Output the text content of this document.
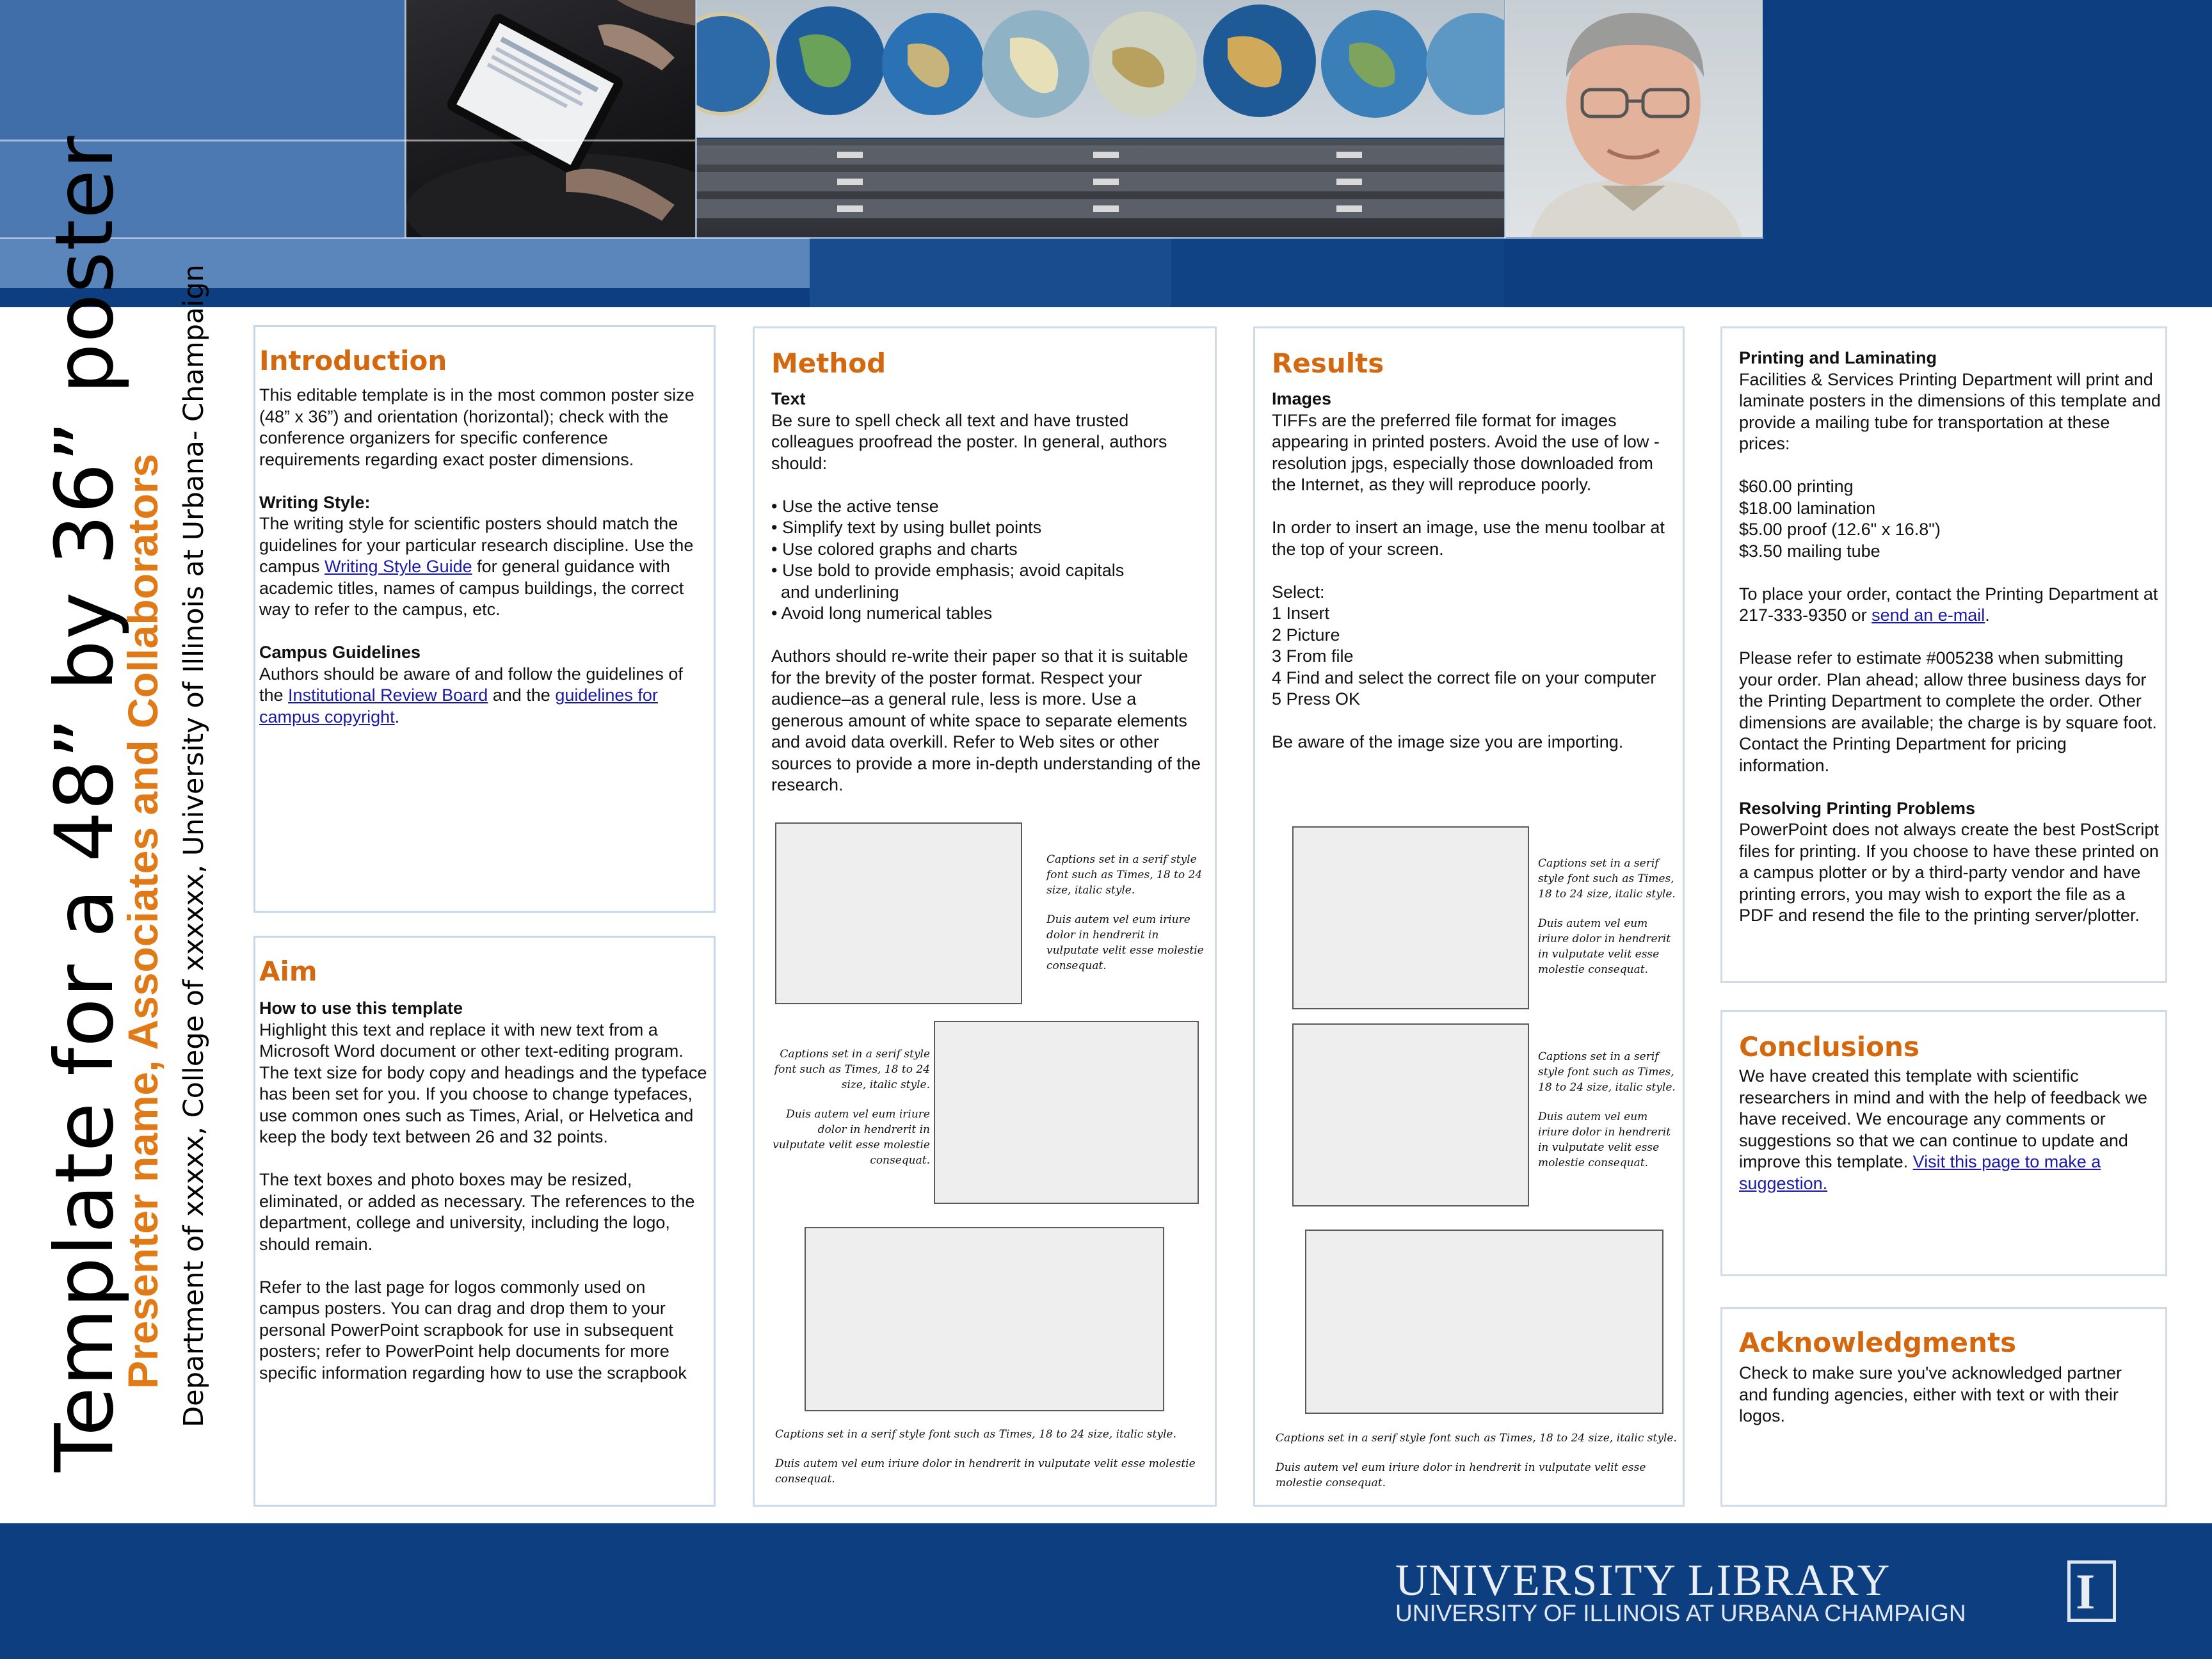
Template for a 48” by 36” poster
Presenter name, Associates and Collaborators Department of xxxxx, College of xxxxxx, University of Illinois at Urbana- Champaign Introduction

This editable template is in the most common poster size (48” x 36”) and orientation (horizontal); check with the conference organizers for specific conference requirements regarding exact poster dimensions.

Writing Style:

The writing style for scientific posters should match the guidelines for your particular research discipline. Use the campus Writing Style Guide for general guidance with academic titles, names of campus buildings, the correct way to refer to the campus, etc.

Campus Guidelines

Authors should be aware of and follow the guidelines of the Institutional Review Board and the guidelines for campus copyright.

Aim
How to use this template

Highlight this text and replace it with new text from a Microsoft Word document or other text-editing program. The text size for body copy and headings and the typeface has been set for you. If you choose to change typefaces, use common ones such as Times, Arial, or Helvetica and keep the body text between 26 and 32 points.

The text boxes and photo boxes may be resized, eliminated, or added as necessary. The references to the department, college and university, including the logo, should remain.

Refer to the last page for logos commonly used on campus posters. You can drag and drop them to your personal PowerPoint scrapbook for use in subsequent posters; refer to PowerPoint help documents for more specific information regarding how to use the scrapbook

Method
Text

Be sure to spell check all text and have trusted colleagues proofread the poster. In general, authors should:

• Use the active tense
• Simplify text by using bullet points
• Use colored graphs and charts
• Use bold to provide emphasis; avoid capitals
and underlining
• Avoid long numerical tables

Authors should re-write their paper so that it is suitable for the brevity of the poster format. Respect your audience–as a general rule, less is more. Use a generous amount of white space to separate elements and avoid data overkill. Refer to Web sites or other sources to provide a more in-depth understanding of the research.

Captions set in a serif style font such as Times, 18 to 24 size, italic style.

Duis autem vel eum iriure dolor in hendrerit in vulputate velit esse molestie consequat.

Captions set in a serif style font such as Times, 18 to 24 size, italic style.

Duis autem vel eum iriure dolor in hendrerit in vulputate velit esse molestie consequat.

Captions set in a serif style font such as Times, 18 to 24 size, italic style.

Duis autem vel eum iriure dolor in hendrerit in vulputate velit esse molestie consequat.

Results
Images

TIFFs are the preferred file format for images appearing in printed posters. Avoid the use of low -resolution jpgs, especially those downloaded from the Internet, as they will reproduce poorly.

In order to insert an image, use the menu toolbar at the top of your screen.

Select:
1 Insert
2 Picture
3 From file
4 Find and select the correct file on your computer
5 Press OK

Be aware of the image size you are importing.

Captions set in a serif style font such as Times, 18 to 24 size, italic style.

Duis autem vel eum iriure dolor in hendrerit in vulputate velit esse molestie consequat.

Captions set in a serif style font such as Times, 18 to 24 size, italic style.

Duis autem vel eum iriure dolor in hendrerit in vulputate velit esse molestie consequat.

Captions set in a serif style font such as Times, 18 to 24 size, italic style.

Duis autem vel eum iriure dolor in hendrerit in vulputate velit esse molestie consequat.

Printing and Laminating

Facilities & Services Printing Department will print and laminate posters in the dimensions of this template and provide a mailing tube for transportation at these prices:

$60.00 printing
$18.00 lamination
$5.00 proof (12.6" x 16.8")
$3.50 mailing tube

To place your order, contact the Printing Department at 217-333-9350 or send an e-mail.

Please refer to estimate #005238 when submitting your order. Plan ahead; allow three business days for the Printing Department to complete the order. Other dimensions are available; the charge is by square foot. Contact the Printing Department for pricing information.

Resolving Printing Problems

PowerPoint does not always create the best PostScript files for printing. If you choose to have these printed on a campus plotter or by a third-party vendor and have printing errors, you may wish to export the file as a PDF and resend the file to the printing server/plotter.

Conclusions

We have created this template with scientific researchers in mind and with the help of feedback we have received. We encourage any comments or suggestions so that we can continue to update and improve this template. Visit this page to make a suggestion.

Acknowledgments

Check to make sure you've acknowledged partner and funding agencies, either with text or with their logos.

UNIVERSITY LIBRARY
UNIVERSITY OF ILLINOIS AT URBANA CHAMPAIGN I
